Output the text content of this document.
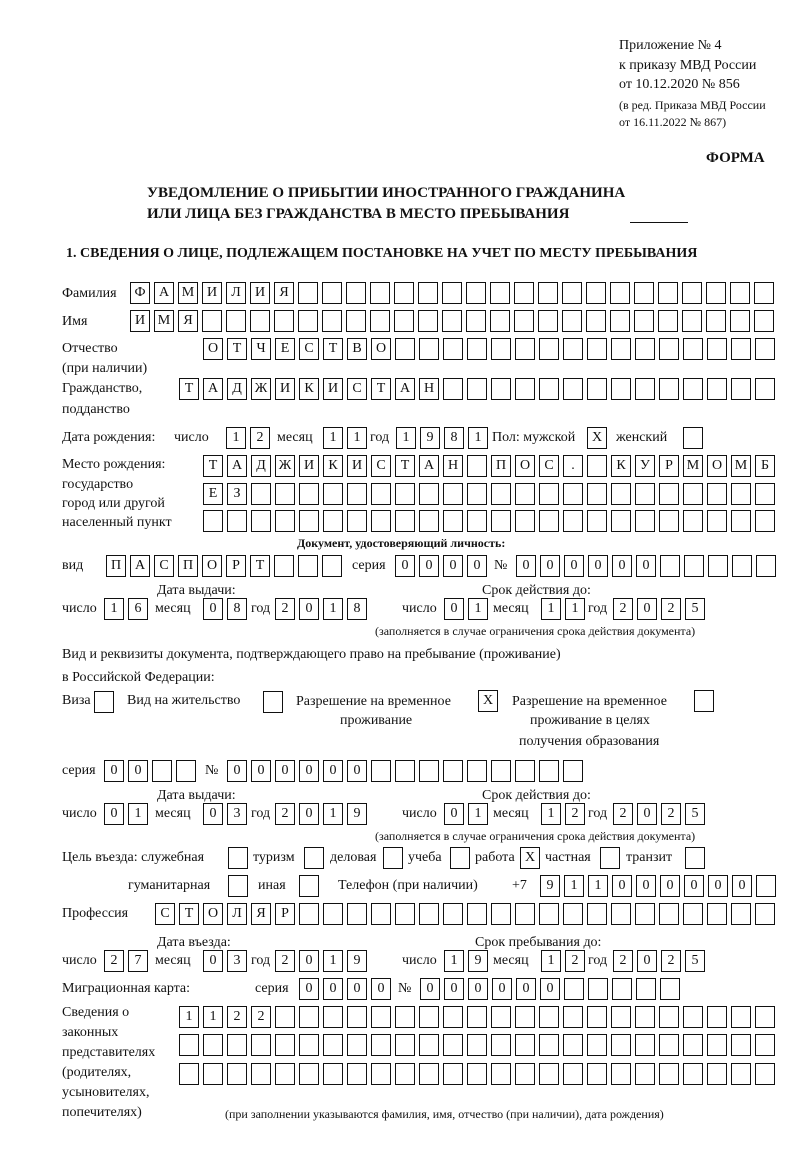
Приложение № 4
к приказу МВД России
от 10.12.2020 № 856
(в ред. Приказа МВД России
от 16.11.2022 № 867)
ФОРМА
УВЕДОМЛЕНИЕ О ПРИБЫТИИ ИНОСТРАННОГО ГРАЖДАНИНА
ИЛИ ЛИЦА БЕЗ ГРАЖДАНСТВА В МЕСТО ПРЕБЫВАНИЯ
1. СВЕДЕНИЯ О ЛИЦЕ, ПОДЛЕЖАЩЕМ ПОСТАНОВКЕ НА УЧЕТ ПО МЕСТУ ПРЕБЫВАНИЯ
Фамилия	Ф А М И	Л	И	Я
Имя	И М Я
Отчество
(при наличии)
О	Т	Ч	Е	С	Т	В	О
Гражданство,
подданство
Т	А	Д Ж И	К	И	С	Т	А Н
Дата рождения: число	1	2 месяц	1	1 год 1	9	8	1 Пол: мужской	X женский
Место рождения:
государство
город или другой
населенный пункт
Т	А	Д Ж И	К	И	С	Т	А Н	П О	С	.	К	У	Р М О М Б
Е	З
Документ, удостоверяющий личность:
вид	П А	С	П О	Р	Т	серия	0	0	0	0 №	0	0	0	0	0	0
Дата выдачи:	Срок действия до:
число 1	6 месяц	0	8 год 2	0	1	8	число 0	1 месяц	1	1 год 2	0	2	5
(заполняется в случае ограничения срока действия документа)
Вид и реквизиты документа, подтверждающего право на пребывание (проживание)
в Российской Федерации:
Виза	Вид на жительство	Разрешение на временное
проживание
X	Разрешение на временное
проживание в целях
получения образования
серия	0	0	№	0	0	0	0	0	0
Дата выдачи:	Срок действия до:
число 0	1 месяц	0	3 год 2	0	1	9	число 0	1 месяц	1	2 год 2	0	2	5
(заполняется в случае ограничения срока действия документа)
Цель въезда: служебная	туризм	деловая учеба работа X частная	транзит
гуманитарная	иная	Телефон (при наличии) +7	9	1	1	0	0	0	0	0	0
Профессия	С	Т	О	Л	Я	Р
Дата въезда:	Срок пребывания до:
число 2	7 месяц	0	3 год 2	0	1	9	число 1	9 месяц	1	2 год 2	0	2	5
Миграционная карта:	серия	0	0	0	0 №	0	0	0	0	0	0
Сведения о
законных
представителях
(родителях,
усыновителях,
попечителях)
1	1	2	2
(при заполнении указываются фамилия, имя, отчество (при наличии), дата рождения)
